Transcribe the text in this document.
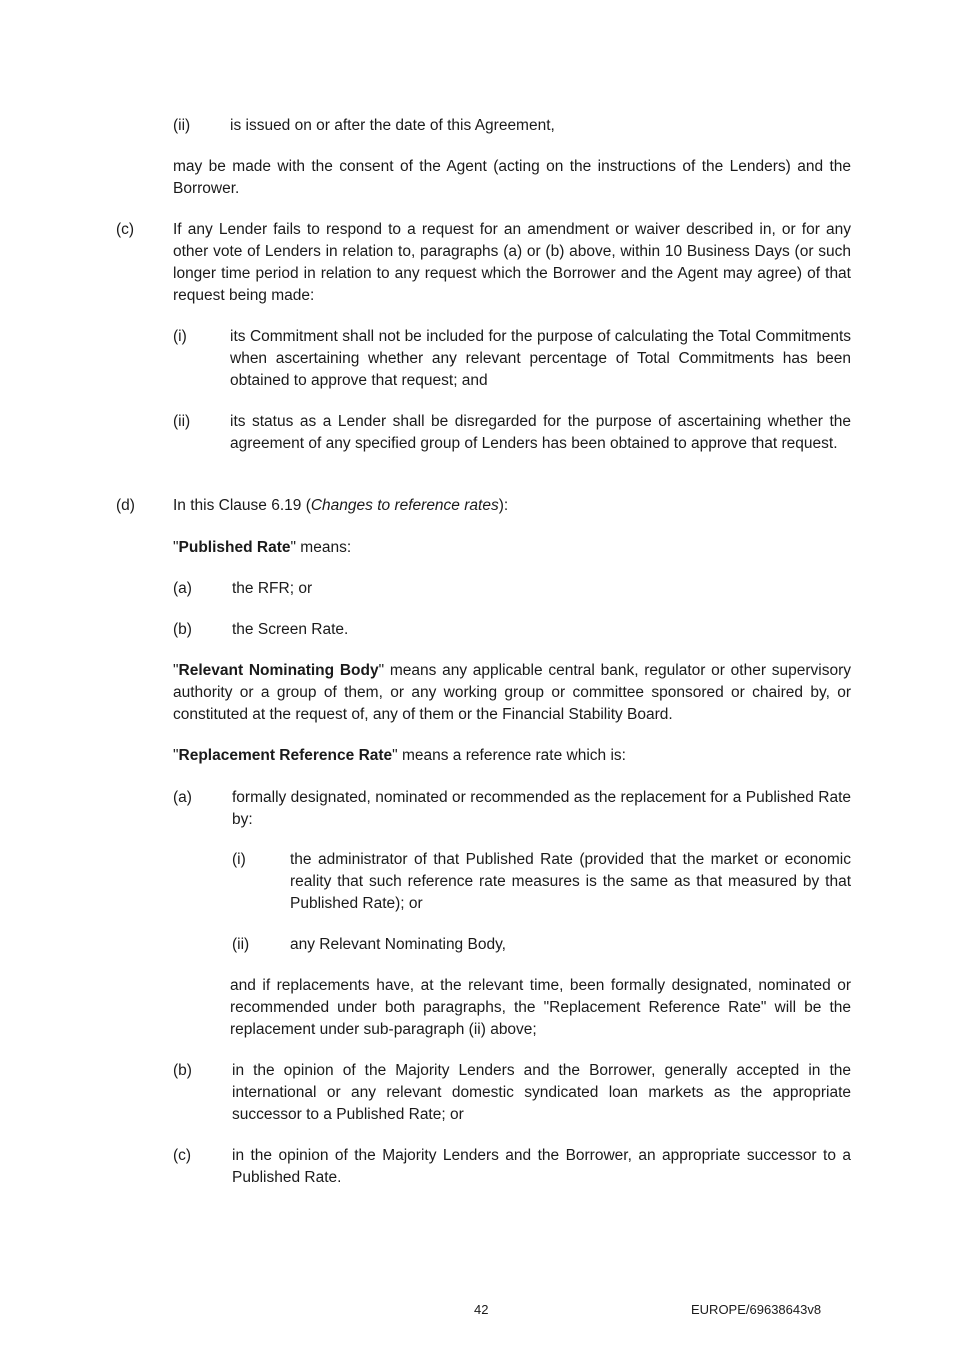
(ii)	is issued on or after the date of this Agreement,
may be made with the consent of the Agent (acting on the instructions of the Lenders) and the Borrower.
(c)	If any Lender fails to respond to a request for an amendment or waiver described in, or for any other vote of Lenders in relation to, paragraphs (a) or (b) above, within 10 Business Days (or such longer time period in relation to any request which the Borrower and the Agent may agree) of that request being made:
(i)	its Commitment shall not be included for the purpose of calculating the Total Commitments when ascertaining whether any relevant percentage of Total Commitments has been obtained to approve that request; and
(ii)	its status as a Lender shall be disregarded for the purpose of ascertaining whether the agreement of any specified group of Lenders has been obtained to approve that request.
(d) In this Clause 6.19 (Changes to reference rates):
"Published Rate" means:
(a)	the RFR; or
(b)	the Screen Rate.
"Relevant Nominating Body" means any applicable central bank, regulator or other supervisory authority or a group of them, or any working group or committee sponsored or chaired by, or constituted at the request of, any of them or the Financial Stability Board.
"Replacement Reference Rate" means a reference rate which is:
(a)	formally designated, nominated or recommended as the replacement for a Published Rate by:
(i)	the administrator of that Published Rate (provided that the market or economic reality that such reference rate measures is the same as that measured by that Published Rate); or
(ii)	any Relevant Nominating Body,
and if replacements have, at the relevant time, been formally designated, nominated or recommended under both paragraphs, the "Replacement Reference Rate" will be the replacement under sub-paragraph (ii) above;
(b)	in the opinion of the Majority Lenders and the Borrower, generally accepted in the international or any relevant domestic syndicated loan markets as the appropriate successor to a Published Rate; or
(c)	in the opinion of the Majority Lenders and the Borrower, an appropriate successor to a Published Rate.
42	EUROPE/69638643v8
